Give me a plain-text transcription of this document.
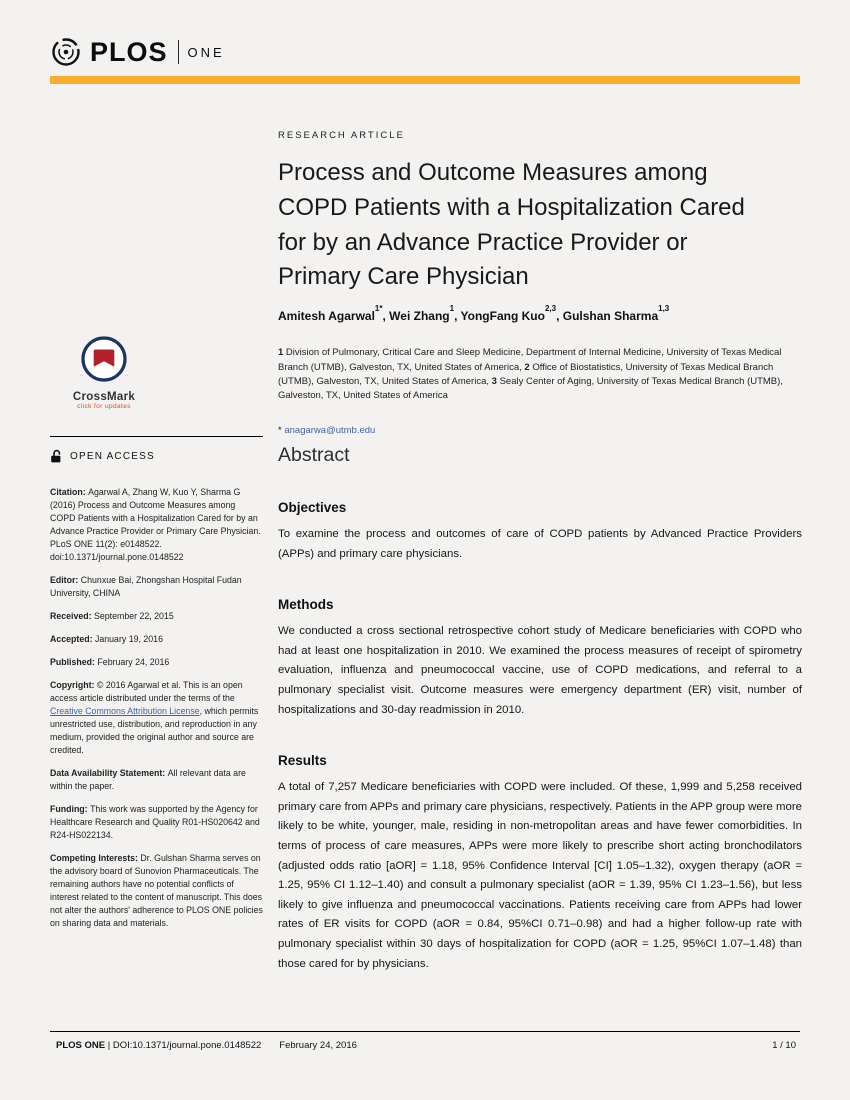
PLOS ONE
RESEARCH ARTICLE
Process and Outcome Measures among
COPD Patients with a Hospitalization Cared
for by an Advance Practice Provider or
Primary Care Physician

Amitesh Agarwal$^{1*}$, Wei Zhang$^1$, YongFang Kuo$^{2,3}$, Gulshan Sharma$^{1,3}$

1 Division of Pulmonary, Critical Care and Sleep Medicine, Department of Internal Medicine, University of Texas Medical Branch (UTMB), Galveston, TX, United States of America, 2 Office of Biostatistics, University of Texas Medical Branch (UTMB), Galveston, TX, United States of America, 3 Sealy Center of Aging, University of Texas Medical Branch (UTMB), Galveston, TX, United States of America

* anagarwa@utmb.edu

Abstract
Objectives

To examine the process and outcomes of care of COPD patients by Advanced Practice Providers (APPs) and primary care physicians.

Methods

We conducted a cross sectional retrospective cohort study of Medicare beneficiaries with COPD who had at least one hospitalization in 2010. We examined the process measures of receipt of spirometry evaluation, influenza and pneumococcal vaccine, use of COPD medications, and referral to a pulmonary specialist visit. Outcome measures were emergency department (ER) visit, number of hospitalizations and 30-day readmission in 2010.

Results

A total of 7,257 Medicare beneficiaries with COPD were included. Of these, 1,999 and 5,258 received primary care from APPs and primary care physicians, respectively. Patients in the APP group were more likely to be white, younger, male, residing in non-metropolitan areas and have fewer comorbidities. In terms of process of care measures, APPs were more likely to prescribe short acting bronchodilators (adjusted odds ratio [aOR] = 1.18, 95% Confidence Interval [CI] 1.05–1.32), oxygen therapy (aOR = 1.25, 95% CI 1.12–1.40) and consult a pulmonary specialist (aOR = 1.39, 95% CI 1.23–1.56), but less likely to give influenza and pneumococcal vaccinations. Patients receiving care from APPs had lower rates of ER visits for COPD (aOR = 0.84, 95%CI 0.71–0.98) and had a higher follow-up rate with pulmonary specialist within 30 days of hospitalization for COPD (aOR = 1.25, 95%CI 1.07–1.48) than those cared for by physicians.

CrossMark
click for updates
OPEN ACCESS

Citation: Agarwal A, Zhang W, Kuo Y, Sharma G (2016) Process and Outcome Measures among COPD Patients with a Hospitalization Cared for by an Advance Practice Provider or Primary Care Physician. PLoS ONE 11(2): e0148522. doi:10.1371/journal.pone.0148522

Editor: Chunxue Bai, Zhongshan Hospital Fudan University, CHINA

Received: September 22, 2015

Accepted: January 19, 2016

Published: February 24, 2016

Copyright: © 2016 Agarwal et al. This is an open access article distributed under the terms of the Creative Commons Attribution License, which permits unrestricted use, distribution, and reproduction in any medium, provided the original author and source are credited.

Data Availability Statement: All relevant data are within the paper.

Funding: This work was supported by the Agency for Healthcare Research and Quality R01-HS020642 and R24-HS022134.

Competing Interests: Dr. Gulshan Sharma serves on the advisory board of Sunovion Pharmaceuticals. The remaining authors have no potential conflicts of interest related to the content of manuscript. This does not alter the authors' adherence to PLOS ONE policies on sharing data and materials.

PLOS ONE | DOI:10.1371/journal.pone.0148522 February 24, 2016	1 / 10
